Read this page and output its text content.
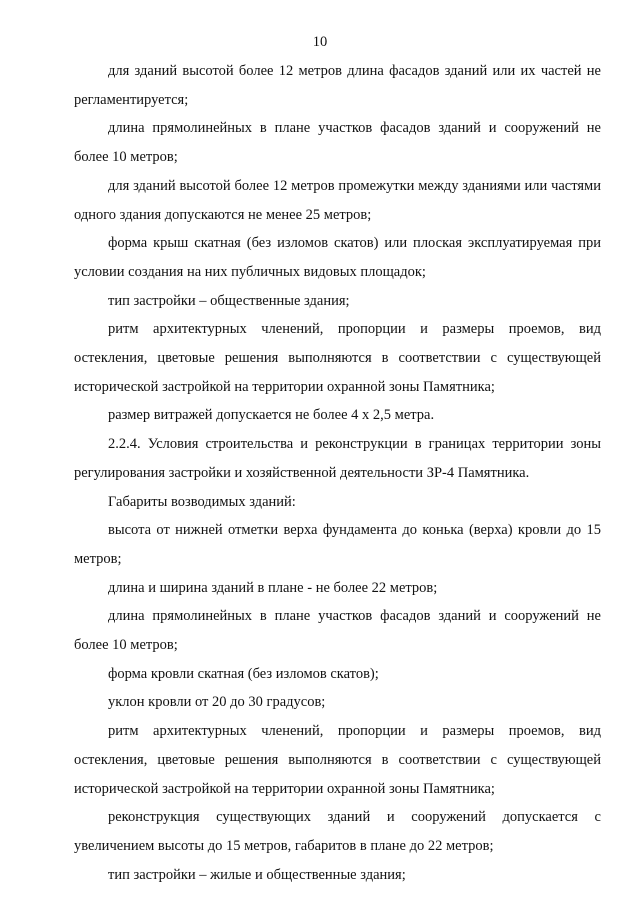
10

для зданий высотой более 12 метров длина фасадов зданий или их частей не регламентируется;

длина прямолинейных в плане участков фасадов зданий и сооружений не более 10 метров;

для зданий высотой более 12 метров промежутки между зданиями или частями одного здания допускаются не менее 25 метров;

форма крыш скатная (без изломов скатов) или плоская эксплуатируемая при условии создания на них публичных видовых площадок;

тип застройки – общественные здания;

ритм архитектурных членений, пропорции и размеры проемов, вид остекления, цветовые решения выполняются в соответствии с существующей исторической застройкой на территории охранной зоны Памятника;

размер витражей допускается не более 4 х 2,5 метра.

2.2.4. Условия строительства и реконструкции в границах территории зоны регулирования застройки и хозяйственной деятельности ЗР-4 Памятника.

Габариты возводимых зданий:

высота от нижней отметки верха фундамента до конька (верха) кровли до 15 метров;

длина и ширина зданий в плане - не более 22 метров;

длина прямолинейных в плане участков фасадов зданий и сооружений не более 10 метров;

форма кровли скатная (без изломов скатов);

уклон кровли от 20 до 30 градусов;

ритм архитектурных членений, пропорции и размеры проемов, вид остекления, цветовые решения выполняются в соответствии с существующей исторической застройкой на территории охранной зоны Памятника;

реконструкция существующих зданий и сооружений допускается с увеличением высоты до 15 метров, габаритов в плане до 22 метров;

тип застройки – жилые и общественные здания;
